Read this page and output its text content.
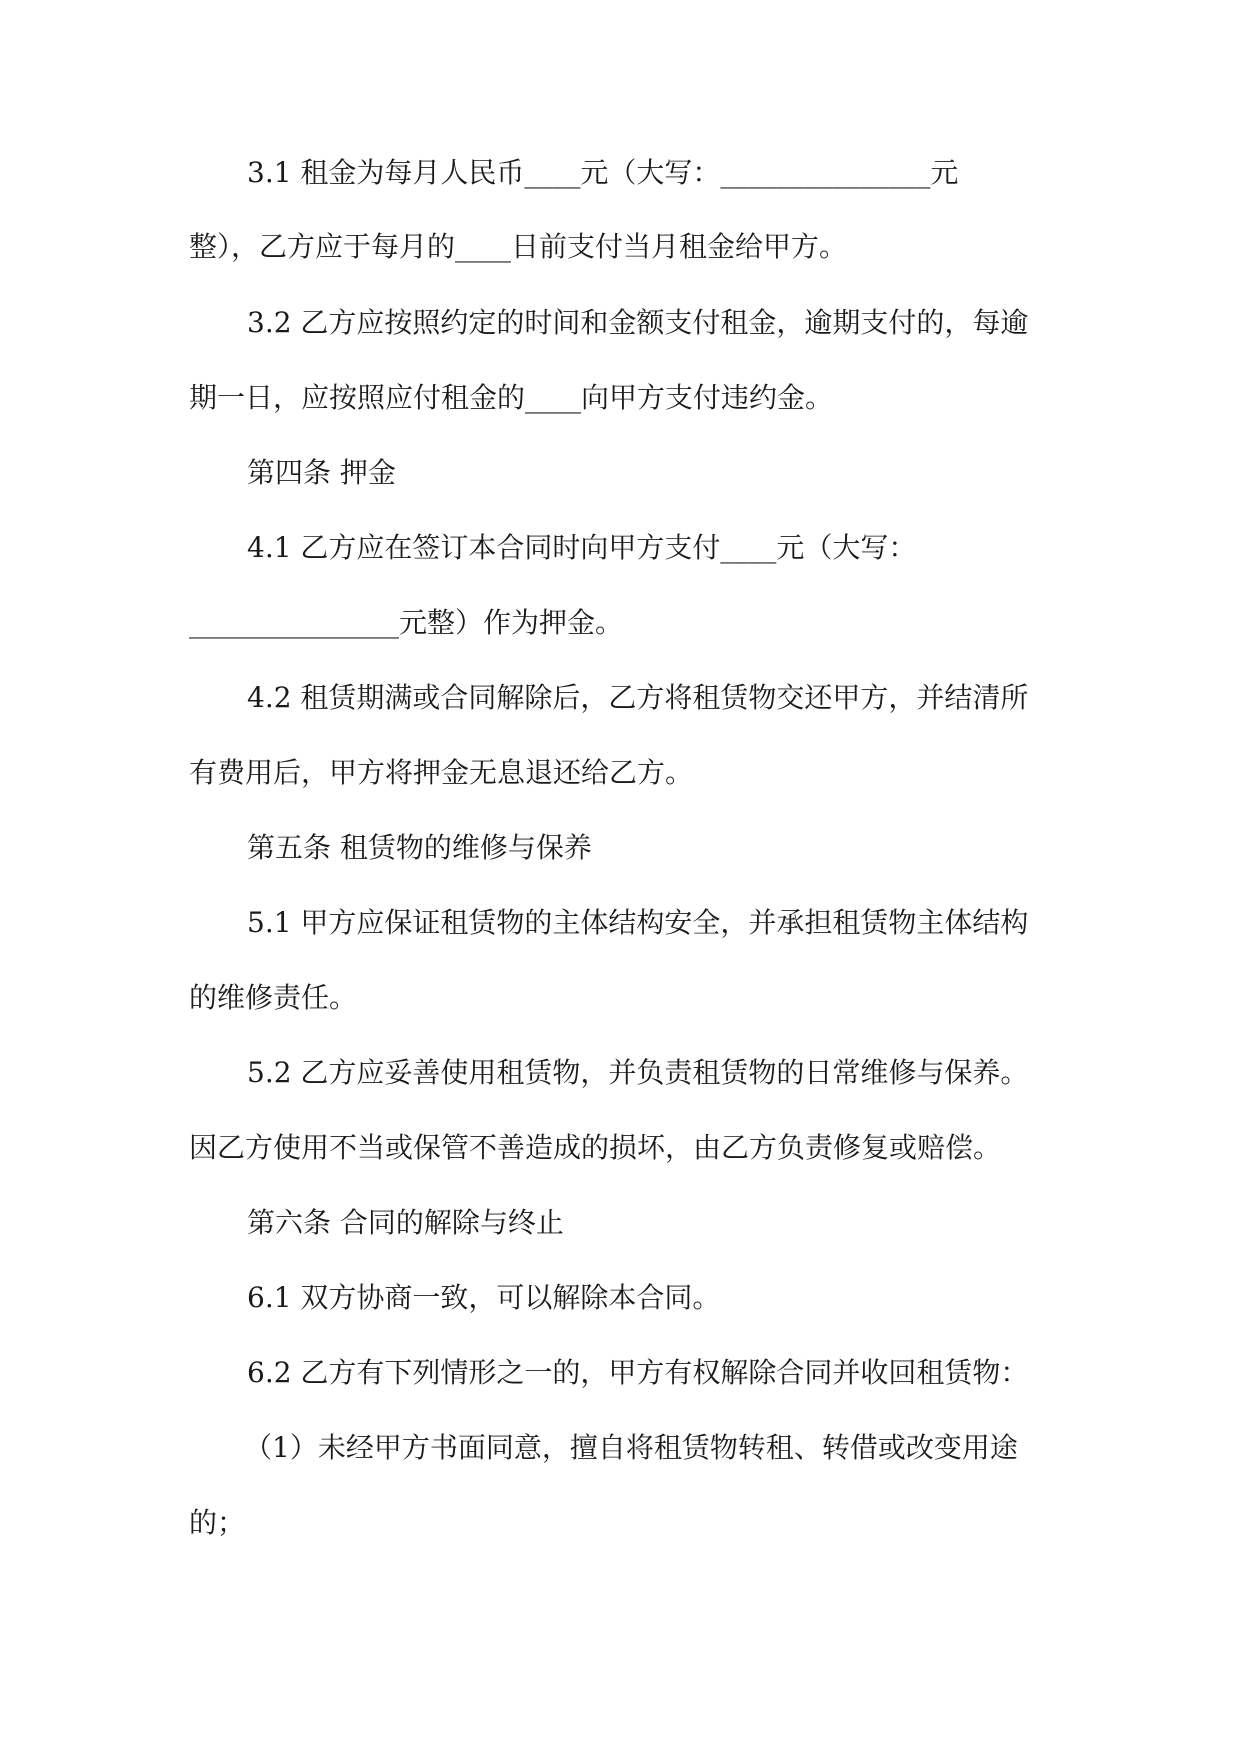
3.1 租金为每月人民币____元（大写：_______________元
整），乙方应于每月的____日前支付当月租金给甲方。
3.2 乙方应按照约定的时间和金额支付租金，逾期支付的，每逾
期一日，应按照应付租金的____向甲方支付违约金。
第四条 押金
4.1 乙方应在签订本合同时向甲方支付____元（大写：
_______________元整）作为押金。
4.2 租赁期满或合同解除后，乙方将租赁物交还甲方，并结清所
有费用后，甲方将押金无息退还给乙方。
第五条 租赁物的维修与保养
5.1 甲方应保证租赁物的主体结构安全，并承担租赁物主体结构
的维修责任。
5.2 乙方应妥善使用租赁物，并负责租赁物的日常维修与保养。
因乙方使用不当或保管不善造成的损坏，由乙方负责修复或赔偿。
第六条 合同的解除与终止
6.1 双方协商一致，可以解除本合同。
6.2 乙方有下列情形之一的，甲方有权解除合同并收回租赁物：
（1）未经甲方书面同意，擅自将租赁物转租、转借或改变用途
的；
